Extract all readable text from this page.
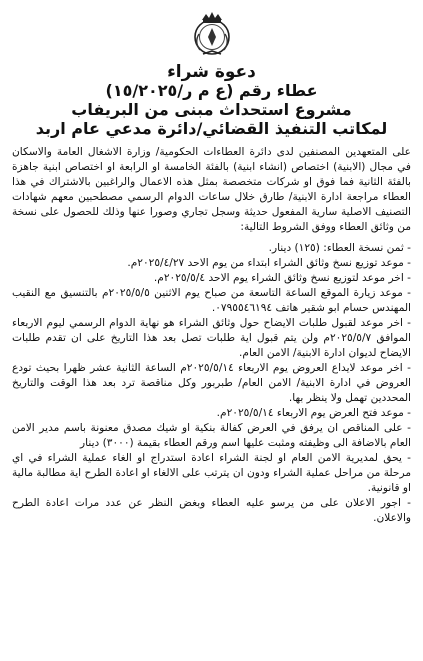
دعوة شراء

عطاء رقم (ع م ر/١٥/٢٠٢٥)

مشروع استحداث مبنى من البريفاب

لمكاتب التنفيذ القضائي/دائرة مدعي عام اربد

على المتعهدين المصنفين لدى دائرة العطاءات الحكومية/ وزارة الاشغال العامة والاسكان في مجال (الابنية) اختصاص (انشاء ابنية) بالفئة الخامسة او الرابعة او اختصاص ابنية جاهزة بالفئة الثانية فما فوق او شركات متخصصة بمثل هذه الاعمال والراغبين بالاشتراك في هذا العطاء مراجعة ادارة الابنية/ طارق خلال ساعات الدوام الرسمي مصطحبين معهم شهادات التصنيف الاصلية سارية المفعول حديثة وسجل تجاري وصورا عنها وذلك للحصول على نسخة من وثائق العطاء ووفق الشروط التالية:

- ثمن نسخة العطاء: (١٢٥) دينار.
- موعد توزيع نسخ وثائق الشراء ابتداء من يوم الاحد ٢٠٢٥/٤/٢٧م.
- اخر موعد لتوزيع نسخ وثائق الشراء يوم الاحد ٢٠٢٥/٥/٤م.
- موعد زيارة الموقع الساعة التاسعة من صباح يوم الاثنين ٢٠٢٥/٥/٥م بالتنسيق مع النقيب المهندس حسام ابو شقير هاتف ٠٧٩٥٥٤٦١٩٤.
- اخر موعد لقبول طلبات الايضاح حول وثائق الشراء هو نهاية الدوام الرسمي ليوم الاربعاء الموافق ٢٠٢٥/٥/٧م ولن يتم قبول اية طلبات تصل بعد هذا التاريخ على ان تقدم طلبات الايضاح لديوان ادارة الابنية/ الامن العام.
- اخر موعد لايداع العروض يوم الاربعاء ٢٠٢٥/٥/١٤م الساعة الثانية عشر ظهرا بحيث تودع العروض في ادارة الابنية/ الامن العام/ طبربور وكل مناقصة ترد بعد هذا الوقت والتاريخ المحددين تهمل ولا ينظر بها.
- موعد فتح العرض يوم الاربعاء ٢٠٢٥/٥/١٤م.
- على المناقص ان يرفق في العرض كفالة بنكية او شيك مصدق معنونة باسم مدير الامن العام بالاضافة الى وظيفته ومثبت عليها اسم ورقم العطاء بقيمة (٣٠٠٠) دينار
- يحق لمديرية الامن العام او لجنة الشراء اعادة استدراج او الغاء عملية الشراء في اي مرحلة من مراحل عملية الشراء ودون ان يترتب على الالغاء او اعادة الطرح اية مطالبة مالية او قانونية.
- اجور الاعلان على من يرسو عليه العطاء وبغض النظر عن عدد مرات اعادة الطرح والاعلان.
